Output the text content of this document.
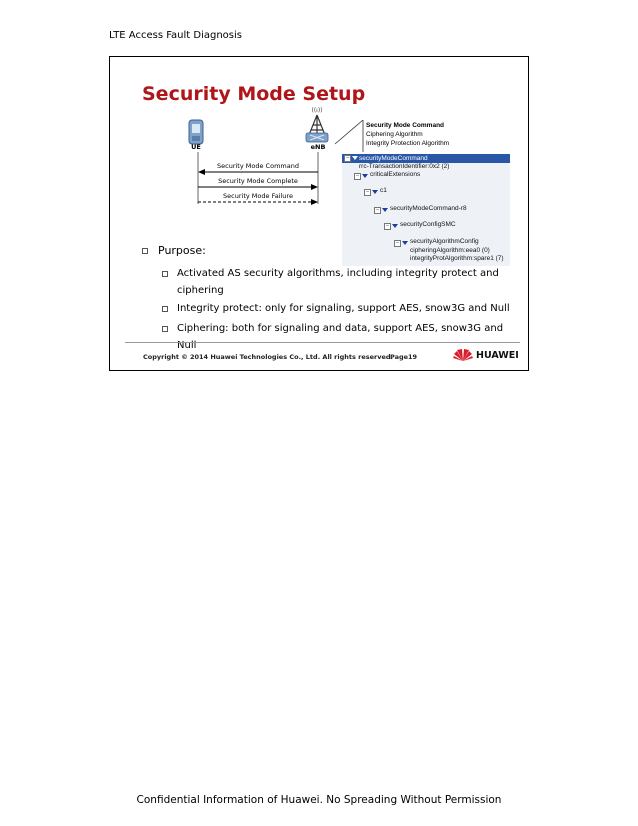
LTE Access Fault Diagnosis
Security Mode Setup
UE
((ı))
eNB
Security Mode Command
Ciphering Algorithm
Integrity Protection Algorithm
Security Mode Command
Security Mode Complete
Security Mode Failure
− securityModeCommand
rrc-TransactionIdentifier:0x2 (2)
− criticalExtensions
− c1
− securityModeCommand-r8
− securityConfigSMC
− securityAlgorithmConfig
cipheringAlgorithm:eea0 (0)
integrityProtAlgorithm:spare1 (7)
Purpose:
Activated AS security algorithms, including integrity protect and ciphering
Integrity protect: only for signaling, support AES, snow3G and Null
Ciphering: both for signaling and data, support AES, snow3G and Null
Copyright © 2014 Huawei Technologies Co., Ltd. All rights reserved.
Page19	HUAWEI
Confidential Information of Huawei. No Spreading Without Permission
